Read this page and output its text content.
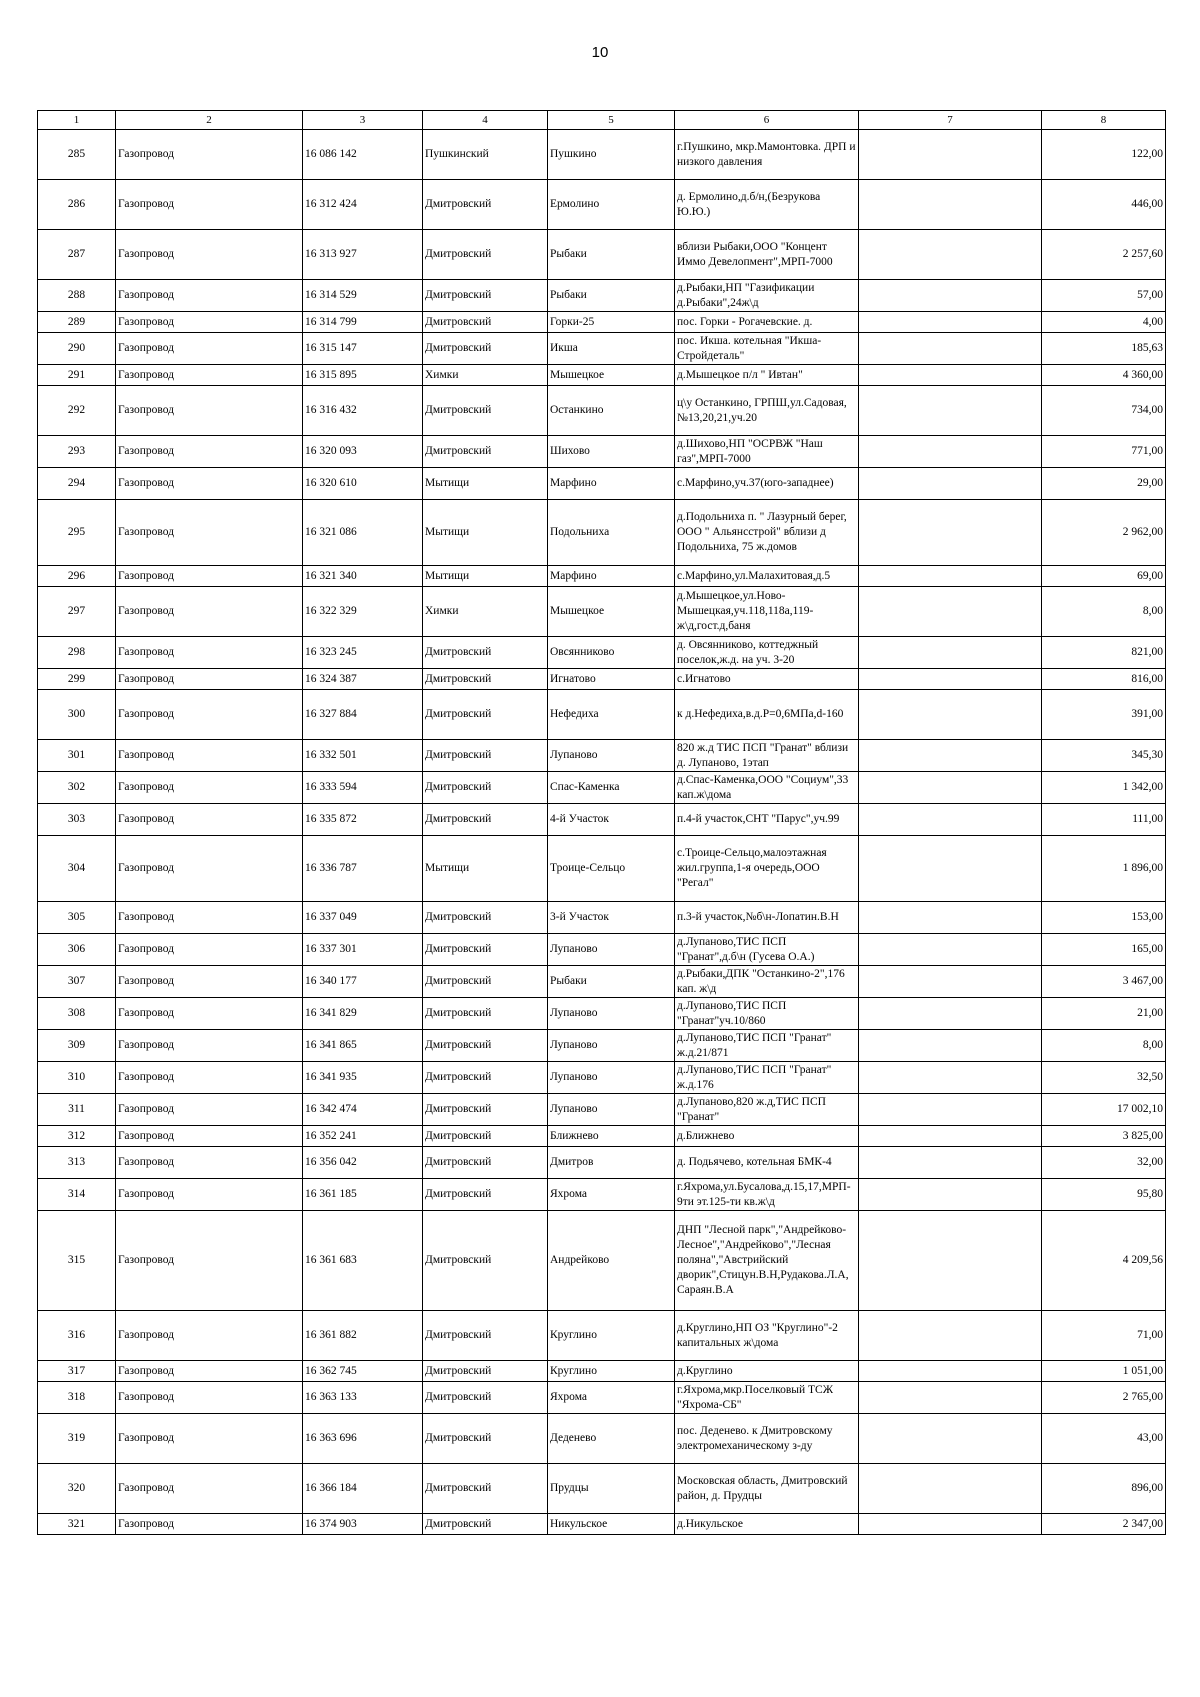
10
1	2	3	4	5	6	7	8
285	Газопровод	16 086 142	Пушкинский	Пушкино	г.Пушкино, мкр.Мамонтовка. ДРП и низкого давления		122,00
286	Газопровод	16 312 424	Дмитровский	Ермолино	д. Ермолино,д.б/н,(Безрукова Ю.Ю.)		446,00
287	Газопровод	16 313 927	Дмитровский	Рыбаки	вблизи Рыбаки,ООО "Концент Иммо Девелопмент",МРП-7000		2 257,60
288	Газопровод	16 314 529	Дмитровский	Рыбаки	д.Рыбаки,НП "Газификации д.Рыбаки",24ж\д		57,00
289	Газопровод	16 314 799	Дмитровский	Горки-25	пос. Горки - Рогачевские. д.		4,00
290	Газопровод	16 315 147	Дмитровский	Икша	пос. Икша. котельная "Икша-Стройдеталь"		185,63
291	Газопровод	16 315 895	Химки	Мышецкое	д.Мышецкое п/л " Ивтан"		4 360,00
292	Газопровод	16 316 432	Дмитровский	Останкино	ц\у Останкино, ГРПШ,ул.Садовая,№13,20,21,уч.20		734,00
293	Газопровод	16 320 093	Дмитровский	Шихово	д.Шихово,НП "ОСРВЖ "Наш газ",МРП-7000		771,00
294	Газопровод	16 320 610	Мытищи	Марфино	с.Марфино,уч.37(юго-западнее)		29,00
295	Газопровод	16 321 086	Мытищи	Подольниха	д.Подольниха п. " Лазурный берег, ООО " Альянсстрой" вблизи д Подольниха, 75 ж.домов		2 962,00
296	Газопровод	16 321 340	Мытищи	Марфино	с.Марфино,ул.Малахитовая,д.5		69,00
297	Газопровод	16 322 329	Химки	Мышецкое	д.Мышецкое,ул.Ново-Мышецкая,уч.118,118а,119-ж\д,гост.д,баня		8,00
298	Газопровод	16 323 245	Дмитровский	Овсянниково	д. Овсянниково, коттеджный поселок,ж.д. на уч. 3-20		821,00
299	Газопровод	16 324 387	Дмитровский	Игнатово	с.Игнатово		816,00
300	Газопровод	16 327 884	Дмитровский	Нефедиха	к д.Нефедиха,в.д.Р=0,6МПа,d-160		391,00
301	Газопровод	16 332 501	Дмитровский	Лупаново	820 ж.д ТИС ПСП "Гранат" вблизи д. Лупаново, 1этап		345,30
302	Газопровод	16 333 594	Дмитровский	Спас-Каменка	д.Спас-Каменка,ООО "Социум",33 кап.ж\дома		1 342,00
303	Газопровод	16 335 872	Дмитровский	4-й Участок	п.4-й участок,СНТ "Парус",уч.99		111,00
304	Газопровод	16 336 787	Мытищи	Троице-Сельцо	с.Троице-Сельцо,малоэтажная жил.группа,1-я очередь,ООО "Регал"		1 896,00
305	Газопровод	16 337 049	Дмитровский	3-й Участок	п.3-й участок,№б\н-Лопатин.В.Н		153,00
306	Газопровод	16 337 301	Дмитровский	Лупаново	д.Лупаново,ТИС ПСП "Гранат",д.б\н (Гусева О.А.)		165,00
307	Газопровод	16 340 177	Дмитровский	Рыбаки	д.Рыбаки,ДПК "Останкино-2",176 кап. ж\д		3 467,00
308	Газопровод	16 341 829	Дмитровский	Лупаново	д.Лупаново,ТИС ПСП "Гранат"уч.10/860		21,00
309	Газопровод	16 341 865	Дмитровский	Лупаново	д.Лупаново,ТИС ПСП "Гранат" ж.д.21/871		8,00
310	Газопровод	16 341 935	Дмитровский	Лупаново	д.Лупаново,ТИС ПСП "Гранат" ж.д.176		32,50
311	Газопровод	16 342 474	Дмитровский	Лупаново	д.Лупаново,820 ж.д,ТИС ПСП "Гранат"		17 002,10
312	Газопровод	16 352 241	Дмитровский	Ближнево	д.Ближнево		3 825,00
313	Газопровод	16 356 042	Дмитровский	Дмитров	д. Подьячево, котельная БМК-4		32,00
314	Газопровод	16 361 185	Дмитровский	Яхрома	г.Яхрома,ул.Бусалова,д.15,17,МРП-9ти эт.125-ти кв.ж\д		95,80
315	Газопровод	16 361 683	Дмитровский	Андрейково	ДНП "Лесной парк","Андрейково-Лесное","Андрейково","Лесная поляна","Австрийский дворик",Стицун.В.Н,Рудакова.Л.А,Сараян.В.А		4 209,56
316	Газопровод	16 361 882	Дмитровский	Круглино	д.Круглино,НП ОЗ "Круглино"-2 капитальных ж\дома		71,00
317	Газопровод	16 362 745	Дмитровский	Круглино	д.Круглино		1 051,00
318	Газопровод	16 363 133	Дмитровский	Яхрома	г.Яхрома,мкр.Поселковый ТСЖ "Яхрома-СБ"		2 765,00
319	Газопровод	16 363 696	Дмитровский	Деденево	пос. Деденево. к Дмитровскому электромеханическому з-ду		43,00
320	Газопровод	16 366 184	Дмитровский	Прудцы	Московская область, Дмитровский район, д. Прудцы		896,00
321	Газопровод	16 374 903	Дмитровский	Никульское	д.Никульское		2 347,00
